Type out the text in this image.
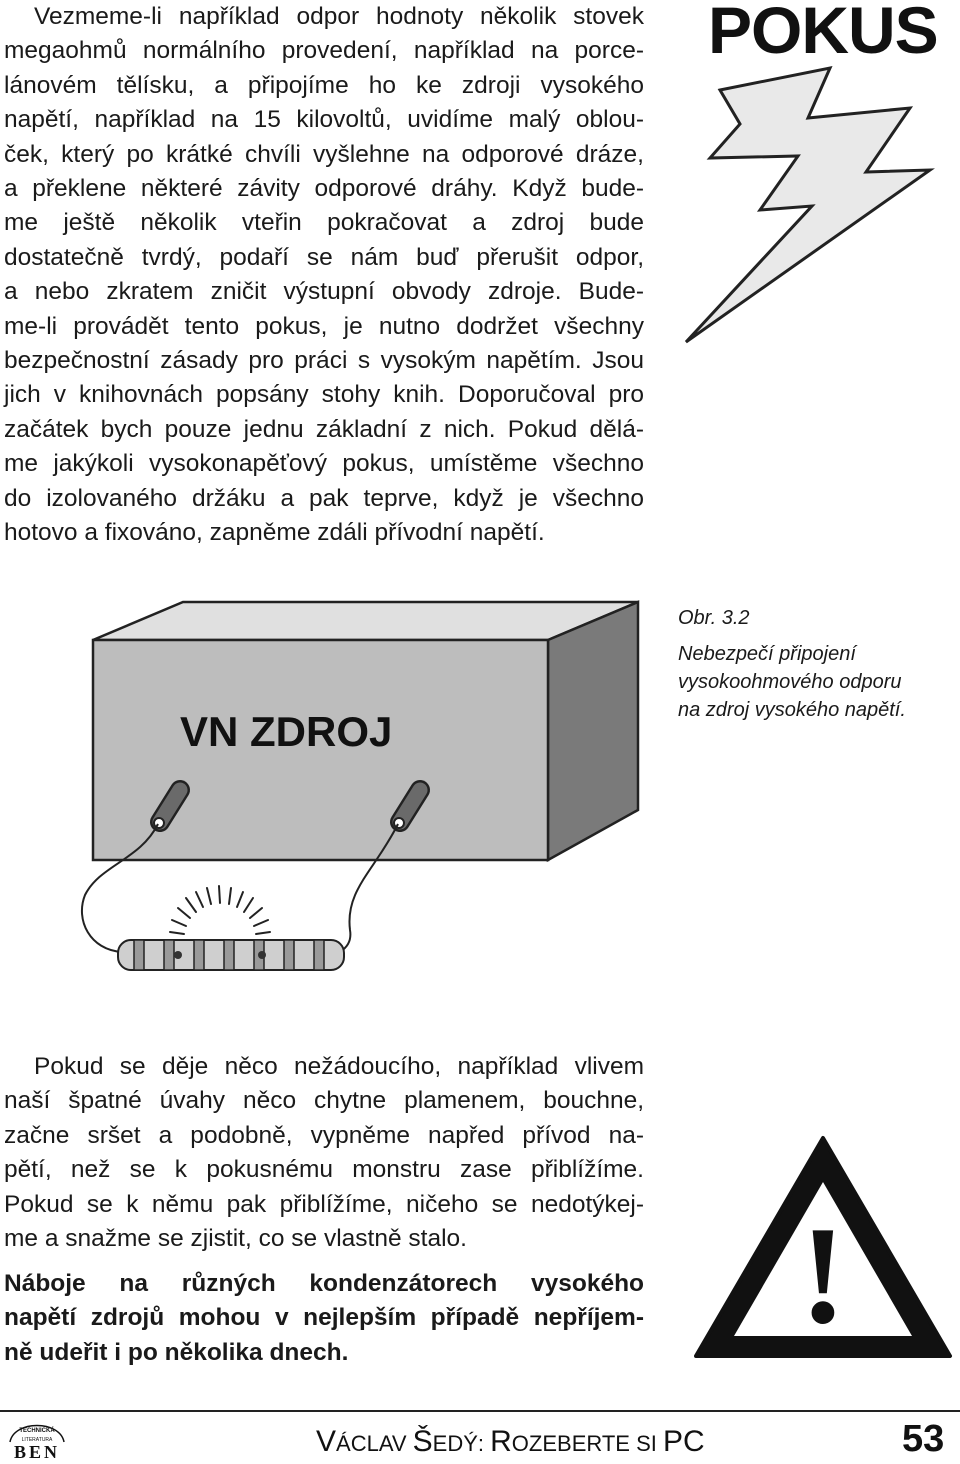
POKUS
Vezmeme-li například odpor hodnoty několik stovek
megaohmů normálního provedení, například na porce-
lánovém tělísku, a připojíme ho ke zdroji vysokého
napětí, například na 15 kilovoltů, uvidíme malý oblou-
ček, který po krátké chvíli vyšlehne na odporové dráze,
a překlene některé závity odporové dráhy. Když bude-
me ještě několik vteřin pokračovat a zdroj bude
dostatečně tvrdý, podaří se nám buď přerušit odpor,
a nebo zkratem zničit výstupní obvody zdroje. Bude-
me-li provádět tento pokus, je nutno dodržet všechny
bezpečnostní zásady pro práci s vysokým napětím. Jsou
jich v knihovnách popsány stohy knih. Doporučoval pro
začátek bych pouze jednu základní z nich. Pokud dělá-
me jakýkoli vysokonapěťový pokus, umístěme všechno
do izolovaného držáku a pak teprve, když je všechno
hotovo a fixováno, zapněme zdáli přívodní napětí.
VN ZDROJ
Obr. 3.2
Nebezpečí připojení
vysokoohmového odporu
na zdroj vysokého napětí.
Pokud se děje něco nežádoucího, například vlivem
naší špatné úvahy něco chytne plamenem, bouchne,
začne sršet a podobně, vypněme napřed přívod na-
pětí, než se k pokusnému monstru zase přiblížíme.
Pokud se k němu pak přiblížíme, ničeho se nedotýkej-
me a snažme se zjistit, co se vlastně stalo.
Náboje na různých kondenzátorech vysokého
napětí zdrojů mohou v nejlepším případě nepříjem-
ně udeřit i po několika dnech.	!
TECHNICKÁ
LITERATURA
BEN	VÁCLAV ŠEDÝ: ROZEBERTE SI PC	53
